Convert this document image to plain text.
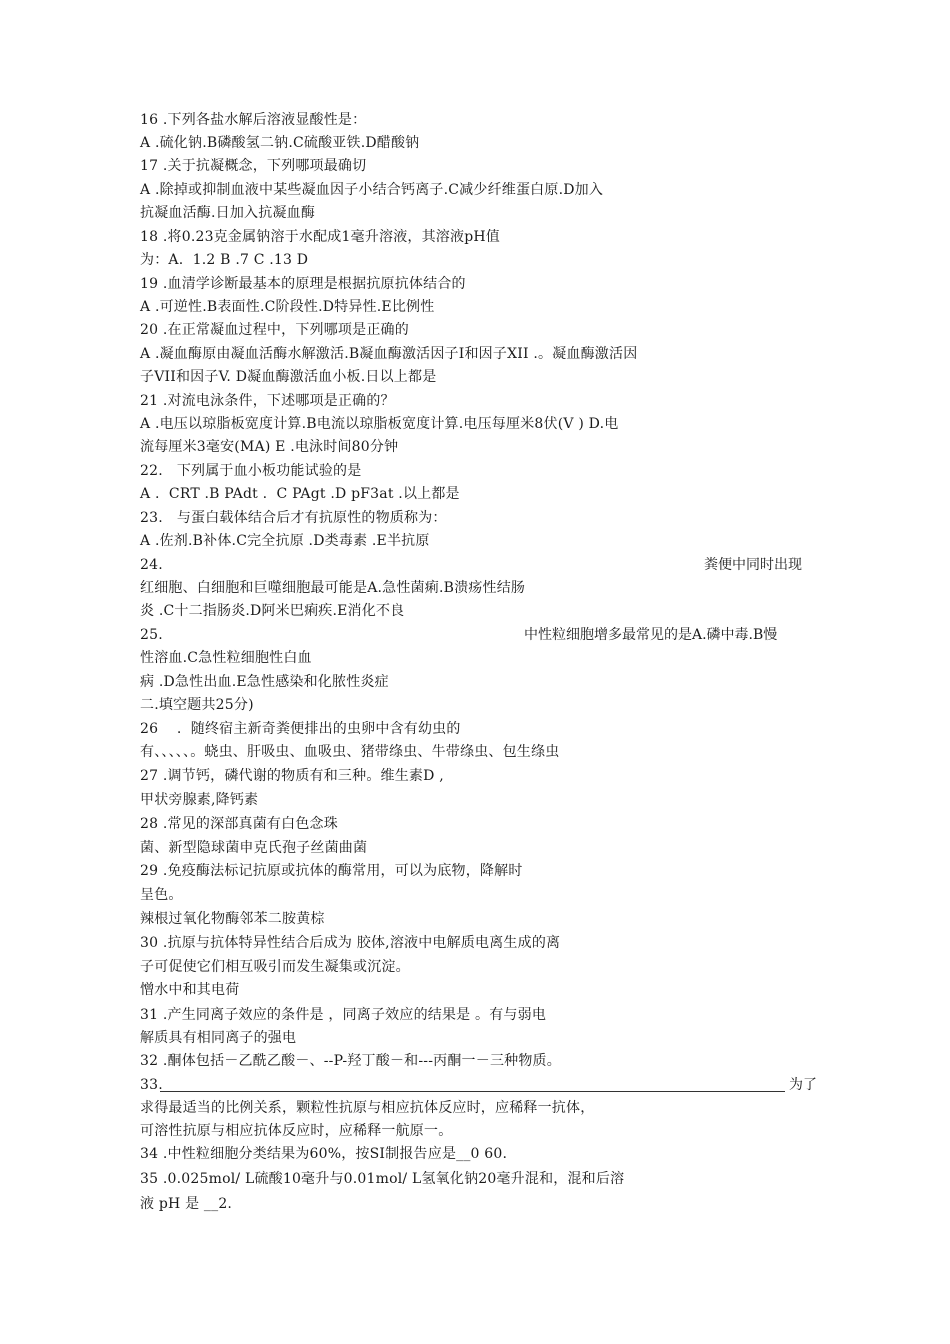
16 .下列各盐水解后溶液显酸性是：
A .硫化钠.B磷酸氢二钠.C硫酸亚铁.D醋酸钠
17 .关于抗凝概念，下列哪项最确切
A .除掉或抑制血液中某些凝血因子小结合钙离子.C减少纤维蛋白原.D加入
抗凝血活酶.日加入抗凝血酶
18 .将0.23克金属钠溶于水配成1毫升溶液，其溶液pH值
为：A.  1.2 B .7 C .13 D
19 .血清学诊断最基本的原理是根据抗原抗体结合的
A .可逆性.B表面性.C阶段性.D特异性.E比例性
20 .在正常凝血过程中，下列哪项是正确的
A .凝血酶原由凝血活酶水解激活.B凝血酶激活因子I和因子XII .。凝血酶激活因
子VII和因子V. D凝血酶激活血小板.日以上都是
21 .对流电泳条件，下述哪项是正确的？
A .电压以琼脂板宽度计算.B电流以琼脂板宽度计算.电压每厘米8伏(V ) D.电
流每厘米3毫安(MA) E .电泳时间80分钟
22.   下列属于血小板功能试验的是
A .  CRT .B PAdt .  C PAgt .D pF3at .以上都是
23.   与蛋白载体结合后才有抗原性的物质称为：
A .佐剂.B补体.C完全抗原 .D类毒素 .E半抗原
24.	粪便中同时出现
红细胞、白细胞和巨噬细胞最可能是A.急性菌痢.B溃疡性结肠
炎 .C十二指肠炎.D阿米巴痢疾.E消化不良
25.	中性粒细胞增多最常见的是A.磷中毒.B慢
性溶血.C急性粒细胞性白血
病 .D急性出血.E急性感染和化脓性炎症
二.填空题共25分)
26    .  随终宿主新奇粪便排出的虫卵中含有幼虫的
有、、、、、。蛲虫、肝吸虫、血吸虫、猪带绦虫、牛带绦虫、包生绦虫
27 .调节钙，磷代谢的物质有和三种。维生素D ,
甲状旁腺素,降钙素
28 .常见的深部真菌有白色念珠
菌、新型隐球菌申克氏孢子丝菌曲菌
29 .免疫酶法标记抗原或抗体的酶常用，可以为底物，降解时
呈色。
辣根过氧化物酶邻苯二胺黄棕
30 .抗原与抗体特异性结合后成为 胶体,溶液中电解质电离生成的离
子可促使它们相互吸引而发生凝集或沉淀。
憎水中和其电荷
31 .产生同离子效应的条件是 ，同离子效应的结果是 。有与弱电
解质具有相同离子的强电
32 .酮体包括－乙酰乙酸－、--P-羟丁酸－和---丙酮一－三种物质。
33.	为了
求得最适当的比例关系，颗粒性抗原与相应抗体反应时，应稀释一抗体，
可溶性抗原与相应抗体反应时，应稀释一航原一。
34 .中性粒细胞分类结果为60%，按SI制报告应是__0 60.
35 .0.025mol/ L硫酸10毫升与0.01mol/ L氢氧化钠20毫升混和，混和后溶
液 pH 是 __2.
